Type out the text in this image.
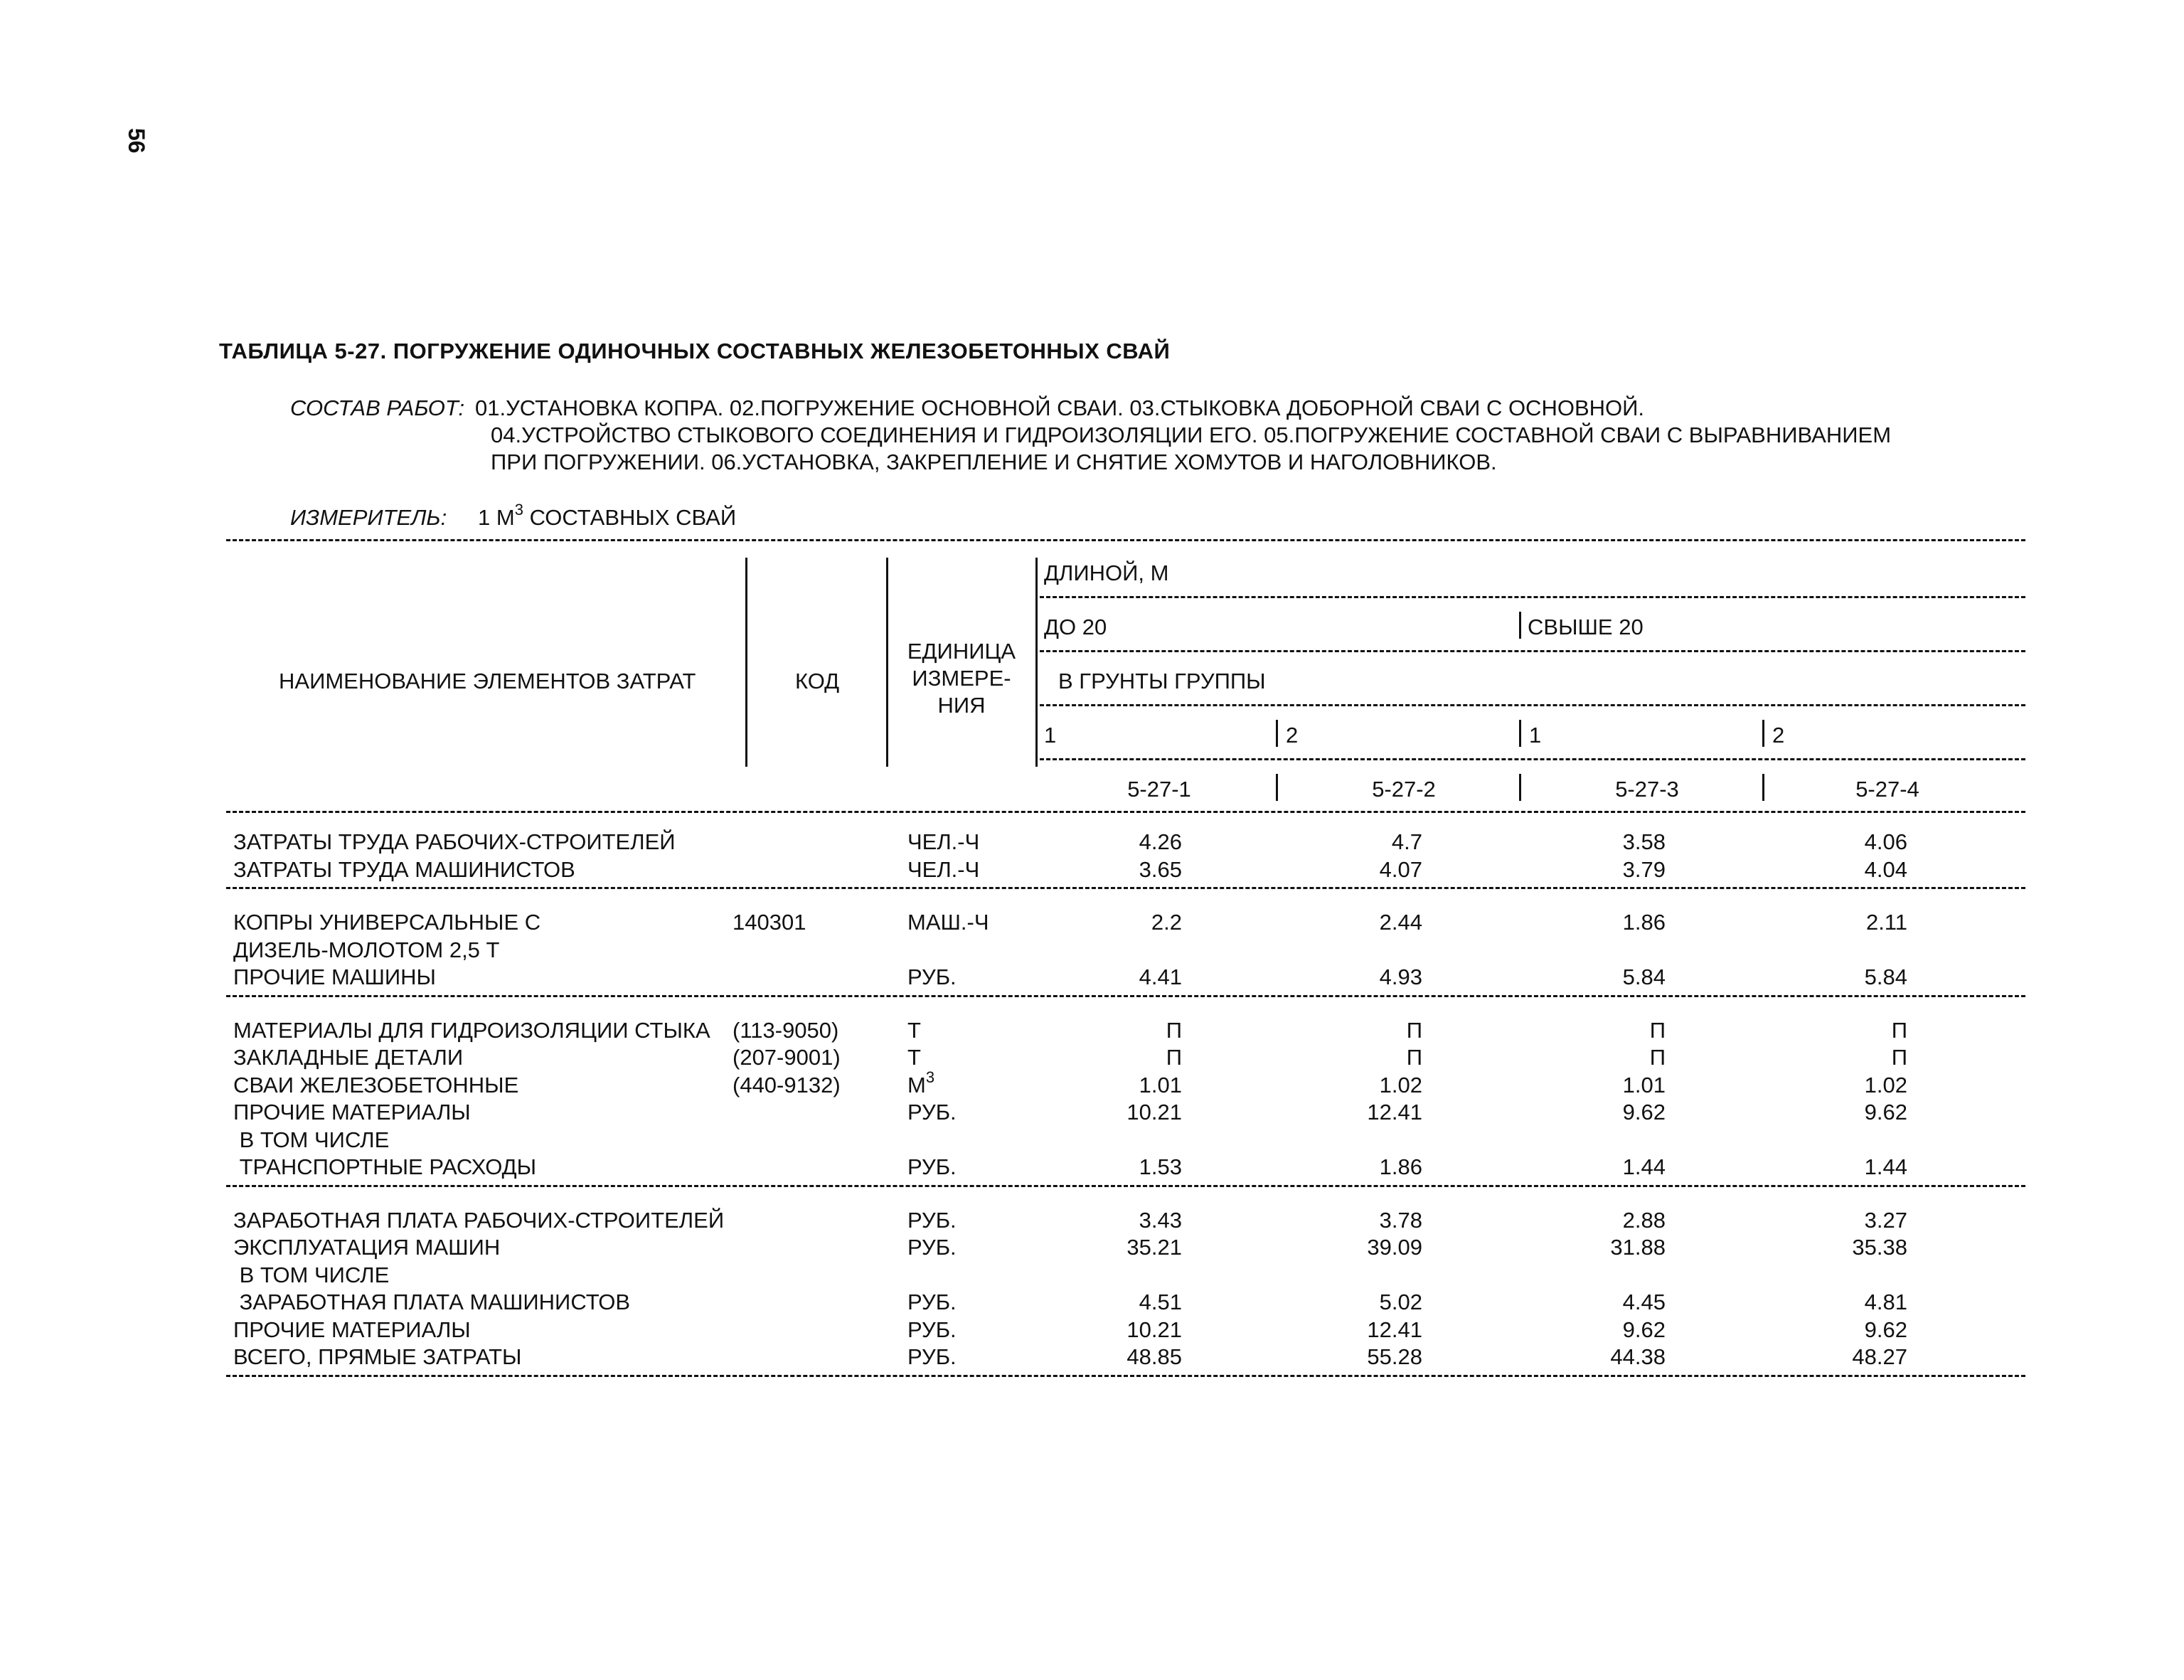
56
ТАБЛИЦА 5-27. ПОГРУЖЕНИЕ ОДИНОЧНЫХ СОСТАВНЫХ ЖЕЛЕЗОБЕТОННЫХ СВАЙ
СОСТАВ РАБОТ: 01.УСТАНОВКА КОПРА. 02.ПОГРУЖЕНИЕ ОСНОВНОЙ СВАИ. 03.СТЫКОВКА ДОБОРНОЙ СВАИ С ОСНОВНОЙ.
04.УСТРОЙСТВО СТЫКОВОГО СОЕДИНЕНИЯ И ГИДРОИЗОЛЯЦИИ ЕГО. 05.ПОГРУЖЕНИЕ СОСТАВНОЙ СВАИ С ВЫРАВНИВАНИЕМ
ПРИ ПОГРУЖЕНИИ. 06.УСТАНОВКА, ЗАКРЕПЛЕНИЕ И СНЯТИЕ ХОМУТОВ И НАГОЛОВНИКОВ.
ИЗМЕРИТЕЛЬ: 1 $М^3$ СОСТАВНЫХ СВАЙ
НАИМЕНОВАНИЕ ЭЛЕМЕНТОВ ЗАТРАТ	КОД
ЕДИНИЦА
ИЗМЕРЕ-
НИЯ
ДЛИНОЙ, М
ДО 20	СВЫШЕ 20
В ГРУНТЫ ГРУППЫ
1	2	1	2
5-27-1	5-27-2	5-27-3	5-27-4
ЗАТРАТЫ ТРУДА РАБОЧИХ-СТРОИТЕЛЕЙ	ЧЕЛ.-Ч	4.26	4.7	3.58	4.06
ЗАТРАТЫ ТРУДА МАШИНИСТОВ	ЧЕЛ.-Ч	3.65	4.07	3.79	4.04
КОПРЫ УНИВЕРСАЛЬНЫЕ С	140301	МАШ.-Ч	2.2	2.44	1.86	2.11
ДИЗЕЛЬ-МОЛОТОМ 2,5 Т
ПРОЧИЕ МАШИНЫ	РУБ.	4.41	4.93	5.84	5.84
МАТЕРИАЛЫ ДЛЯ ГИДРОИЗОЛЯЦИИ СТЫКА (113-9050)	Т	П	П	П	П
ЗАКЛАДНЫЕ ДЕТАЛИ	(207-9001)	Т	П	П	П	П
СВАИ ЖЕЛЕЗОБЕТОННЫЕ	(440-9132)	$М^3$	1.01	1.02	1.01	1.02
ПРОЧИЕ МАТЕРИАЛЫ	РУБ.	10.21	12.41	9.62	9.62
В ТОМ ЧИСЛЕ
ТРАНСПОРТНЫЕ РАСХОДЫ	РУБ.	1.53	1.86	1.44	1.44
ЗАРАБОТНАЯ ПЛАТА РАБОЧИХ-СТРОИТЕЛЕЙ	РУБ.	3.43	3.78	2.88	3.27
ЭКСПЛУАТАЦИЯ МАШИН	РУБ.	35.21	39.09	31.88	35.38
В ТОМ ЧИСЛЕ
ЗАРАБОТНАЯ ПЛАТА МАШИНИСТОВ	РУБ.	4.51	5.02	4.45	4.81
ПРОЧИЕ МАТЕРИАЛЫ	РУБ.	10.21	12.41	9.62	9.62
ВСЕГО, ПРЯМЫЕ ЗАТРАТЫ	РУБ.	48.85	55.28	44.38	48.27
